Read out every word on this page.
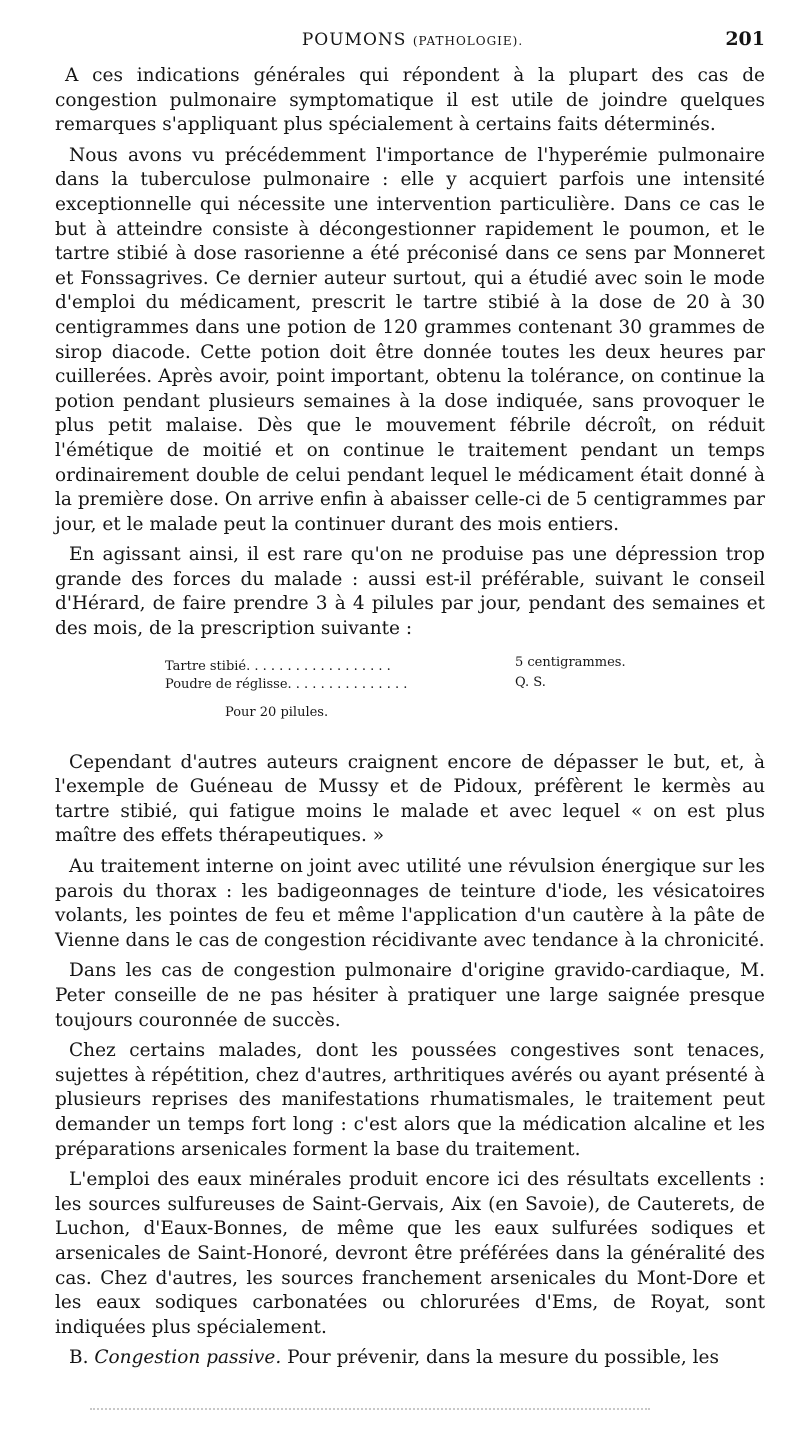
POUMONS (PATHOLOGIE).	201

A ces indications générales qui répondent à la plupart des cas de congestion pulmonaire symptomatique il est utile de joindre quelques remarques s'appliquant plus spécialement à certains faits déterminés.

Nous avons vu précédemment l'importance de l'hyperémie pulmonaire dans la tuberculose pulmonaire : elle y acquiert parfois une intensité exceptionnelle qui nécessite une intervention particulière. Dans ce cas le but à atteindre consiste à décongestionner rapidement le poumon, et le tartre stibié à dose rasorienne a été préconisé dans ce sens par Monneret et Fonssagrives. Ce dernier auteur surtout, qui a étudié avec soin le mode d'emploi du médicament, prescrit le tartre stibié à la dose de 20 à 30 centigrammes dans une potion de 120 grammes contenant 30 grammes de sirop diacode. Cette potion doit être donnée toutes les deux heures par cuillerées. Après avoir, point important, obtenu la tolérance, on continue la potion pendant plusieurs semaines à la dose indiquée, sans provoquer le plus petit malaise. Dès que le mouvement fébrile décroît, on réduit l'émétique de moitié et on continue le traitement pendant un temps ordinairement double de celui pendant lequel le médicament était donné à la première dose. On arrive enfin à abaisser celle-ci de 5 centigrammes par jour, et le malade peut la continuer durant des mois entiers.

En agissant ainsi, il est rare qu'on ne produise pas une dépression trop grande des forces du malade : aussi est-il préférable, suivant le conseil d'Hérard, de faire prendre 3 à 4 pilules par jour, pendant des semaines et des mois, de la prescription suivante :

Tartre stibié. . . . . . . . . . . . . . . . . .	5 centigrammes.
Poudre de réglisse. . . . . . . . . . . . . . .	Q. S.
Pour 20 pilules.

Cependant d'autres auteurs craignent encore de dépasser le but, et, à l'exemple de Guéneau de Mussy et de Pidoux, préfèrent le kermès au tartre stibié, qui fatigue moins le malade et avec lequel « on est plus maître des effets thérapeutiques. »

Au traitement interne on joint avec utilité une révulsion énergique sur les parois du thorax : les badigeonnages de teinture d'iode, les vésicatoires volants, les pointes de feu et même l'application d'un cautère à la pâte de Vienne dans le cas de congestion récidivante avec tendance à la chronicité.

Dans les cas de congestion pulmonaire d'origine gravido-cardiaque, M. Peter conseille de ne pas hésiter à pratiquer une large saignée presque toujours couronnée de succès.

Chez certains malades, dont les poussées congestives sont tenaces, sujettes à répétition, chez d'autres, arthritiques avérés ou ayant présenté à plusieurs reprises des manifestations rhumatismales, le traitement peut demander un temps fort long : c'est alors que la médication alcaline et les préparations arsenicales forment la base du traitement.

L'emploi des eaux minérales produit encore ici des résultats excellents : les sources sulfureuses de Saint-Gervais, Aix (en Savoie), de Cauterets, de Luchon, d'Eaux-Bonnes, de même que les eaux sulfurées sodiques et arsenicales de Saint-Honoré, devront être préférées dans la généralité des cas. Chez d'autres, les sources franchement arsenicales du Mont-Dore et les eaux sodiques carbonatées ou chlorurées d'Ems, de Royat, sont indiquées plus spécialement.

B. Congestion passive. Pour prévenir, dans la mesure du possible, les
